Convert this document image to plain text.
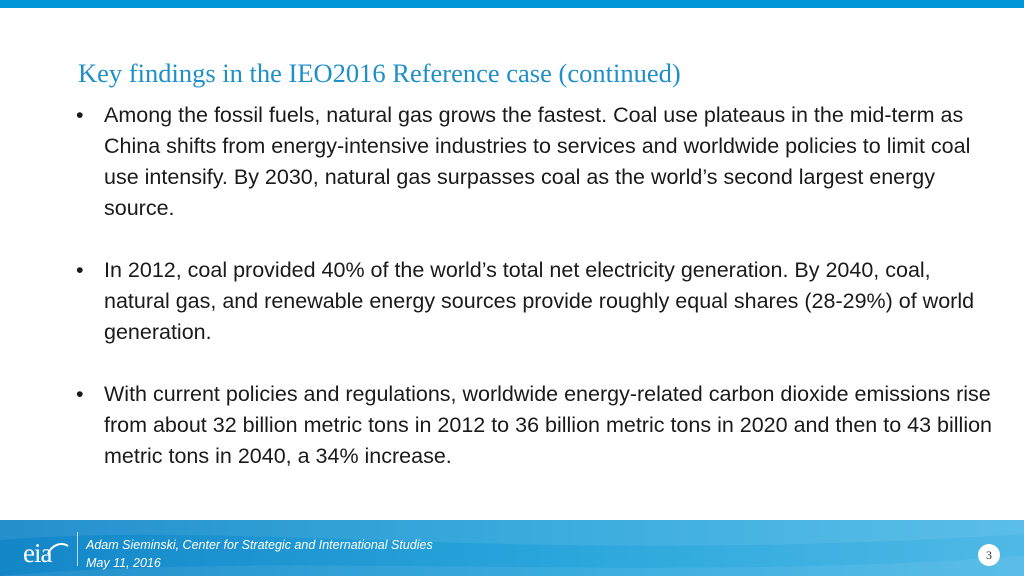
Key findings in the IEO2016 Reference case (continued)
• Among the fossil fuels, natural gas grows the fastest. Coal use plateaus in the mid-term as China shifts from energy-intensive industries to services and worldwide policies to limit coal use intensify. By 2030, natural gas surpasses coal as the world’s second largest energy source.
• In 2012, coal provided 40% of the world’s total net electricity generation. By 2040, coal, natural gas, and renewable energy sources provide roughly equal shares (28-29%) of world generation.
• With current policies and regulations, worldwide energy-related carbon dioxide emissions rise from about 32 billion metric tons in 2012 to 36 billion metric tons in 2020 and then to 43 billion metric tons in 2040, a 34% increase.
eia	Adam Sieminski, Center for Strategic and International Studies
May 11, 2016
3
